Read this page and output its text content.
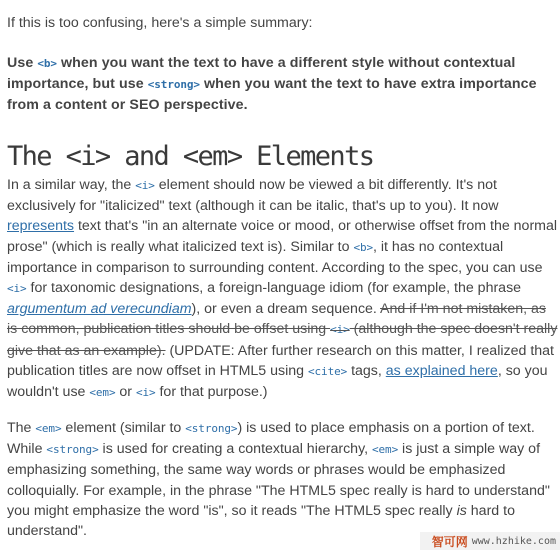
If this is too confusing, here's a simple summary:

Use <b> when you want the text to have a different style without contextual importance, but use <strong> when you want the text to have extra importance from a content or SEO perspective.

The <i> and <em> Elements

In a similar way, the <i> element should now be viewed a bit differently. It's not exclusively for "italicized" text (although it can be italic, that's up to you). It now represents text that's "in an alternate voice or mood, or otherwise offset from the normal prose" (which is really what italicized text is). Similar to <b>, it has no contextual importance in comparison to surrounding content. According to the spec, you can use <i> for taxonomic designations, a foreign-language idiom (for example, the phrase argumentum ad verecundiam), or even a dream sequence. And if I'm not mistaken, as is common, publication titles should be offset using <i> (although the spec doesn't really give that as an example). (UPDATE: After further research on this matter, I realized that publication titles are now offset in HTML5 using <cite> tags, as explained here, so you wouldn't use <em> or <i> for that purpose.)

The <em> element (similar to <strong>) is used to place emphasis on a portion of text. While <strong> is used for creating a contextual hierarchy, <em> is just a simple way of emphasizing something, the same way words or phrases would be emphasized colloquially. For example, in the phrase "The HTML5 spec really is hard to understand" you might emphasize the word "is", so it reads "The HTML5 spec really is hard to understand".

智可网 www.hzhike.com
